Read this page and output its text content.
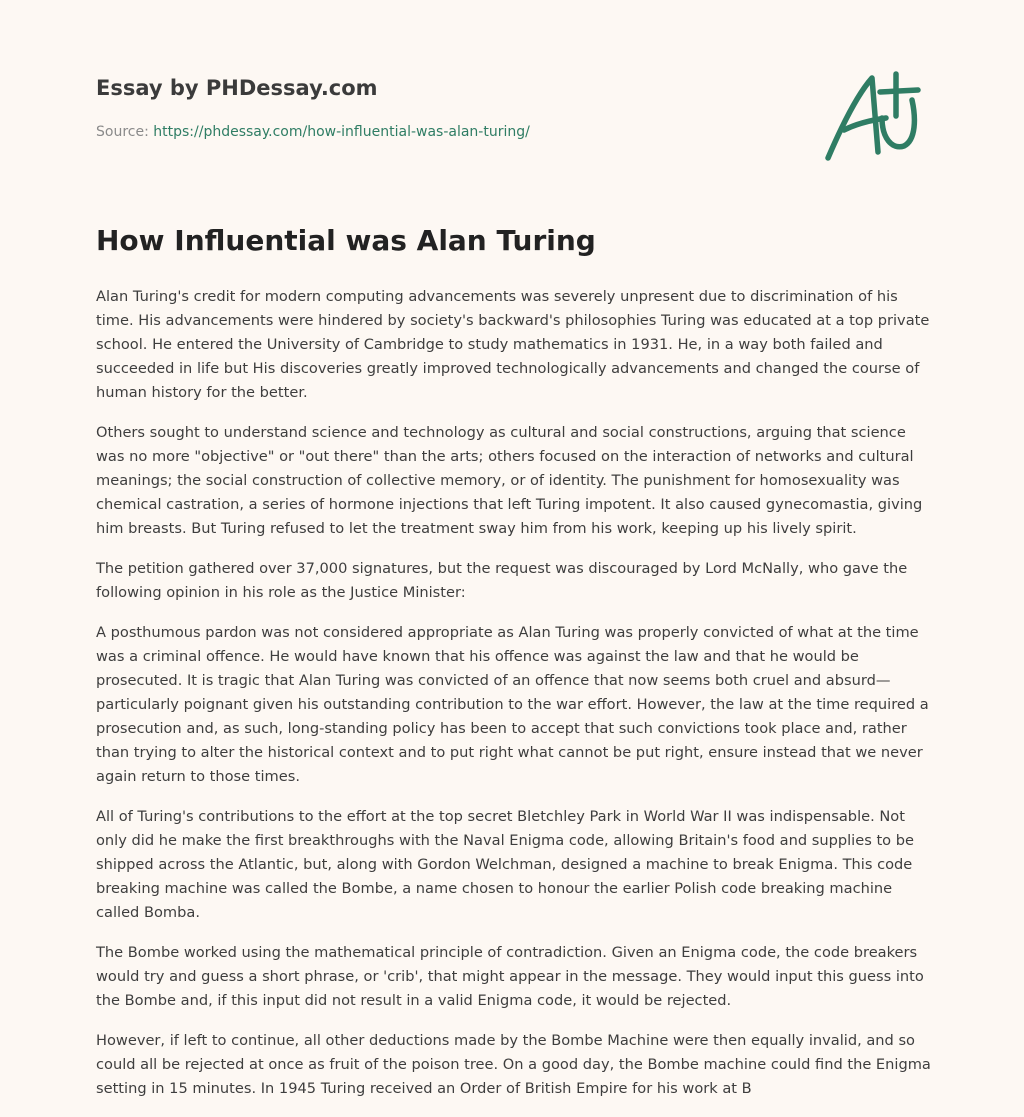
Essay by PHDessay.com
Source: https://phdessay.com/how-influential-was-alan-turing/
How Influential was Alan Turing

Alan Turing's credit for modern computing advancements was severely unpresent due to discrimination of his time. His advancements were hindered by society's backward's philosophies Turing was educated at a top private school. He entered the University of Cambridge to study mathematics in 1931. He, in a way both failed and succeeded in life but His discoveries greatly improved technologically advancements and changed the course of human history for the better.

Others sought to understand science and technology as cultural and social constructions, arguing that science was no more "objective" or "out there" than the arts; others focused on the interaction of networks and cultural meanings; the social construction of collective memory, or of identity. The punishment for homosexuality was chemical castration, a series of hormone injections that left Turing impotent. It also caused gynecomastia, giving him breasts. But Turing refused to let the treatment sway him from his work, keeping up his lively spirit.

The petition gathered over 37,000 signatures, but the request was discouraged by Lord McNally, who gave the following opinion in his role as the Justice Minister:

A posthumous pardon was not considered appropriate as Alan Turing was properly convicted of what at the time was a criminal offence. He would have known that his offence was against the law and that he would be prosecuted. It is tragic that Alan Turing was convicted of an offence that now seems both cruel and absurd—particularly poignant given his outstanding contribution to the war effort. However, the law at the time required a prosecution and, as such, long-standing policy has been to accept that such convictions took place and, rather than trying to alter the historical context and to put right what cannot be put right, ensure instead that we never again return to those times.

All of Turing's contributions to the effort at the top secret Bletchley Park in World War II was indispensable. Not only did he make the first breakthroughs with the Naval Enigma code, allowing Britain's food and supplies to be shipped across the Atlantic, but, along with Gordon Welchman, designed a machine to break Enigma. This code breaking machine was called the Bombe, a name chosen to honour the earlier Polish code breaking machine called Bomba.

The Bombe worked using the mathematical principle of contradiction. Given an Enigma code, the code breakers would try and guess a short phrase, or 'crib', that might appear in the message. They would input this guess into the Bombe and, if this input did not result in a valid Enigma code, it would be rejected.

However, if left to continue, all other deductions made by the Bombe Machine were then equally invalid, and so could all be rejected at once as fruit of the poison tree. On a good day, the Bombe machine could find the Enigma setting in 15 minutes. In 1945 Turing received an Order of British Empire for his work at B
